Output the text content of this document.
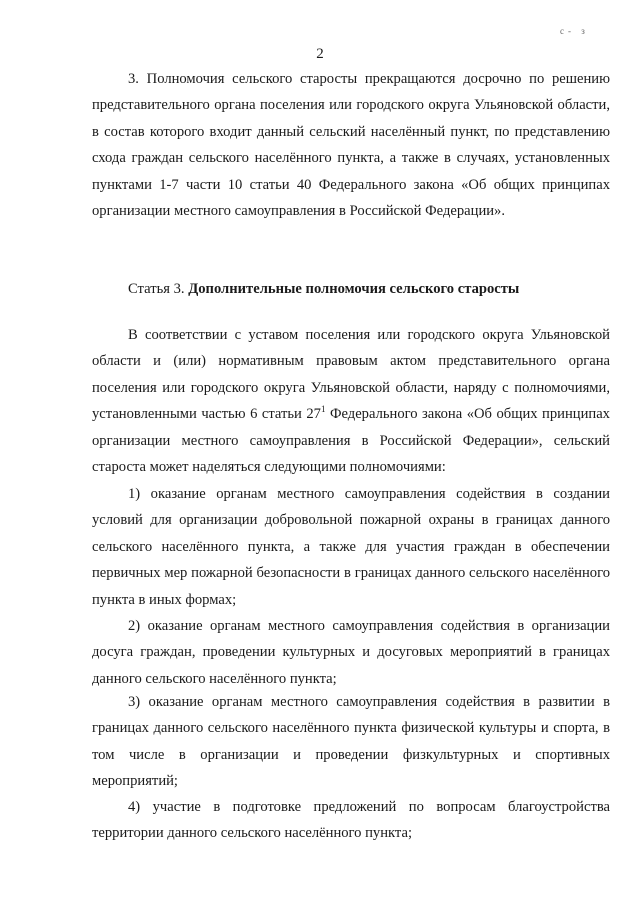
с- з
2

3. Полномочия сельского старосты прекращаются досрочно по решению представительного органа поселения или городского округа Ульяновской области, в состав которого входит данный сельский населённый пункт, по представлению схода граждан сельского населённого пункта, а также в случаях, установленных пунктами 1-7 части 10 статьи 40 Федерального закона «Об общих принципах организации местного самоуправления в Российской Федерации».

Статья 3. Дополнительные полномочия сельского старосты

В соответствии с уставом поселения или городского округа Ульяновской области и (или) нормативным правовым актом представительного органа поселения или городского округа Ульяновской области, наряду с полномочиями, установленными частью 6 статьи $27^1$ Федерального закона «Об общих принципах организации местного самоуправления в Российской Федерации», сельский староста может наделяться следующими полномочиями:

1) оказание органам местного самоуправления содействия в создании условий для организации добровольной пожарной охраны в границах данного сельского населённого пункта, а также для участия граждан в обеспечении первичных мер пожарной безопасности в границах данного сельского населённого пункта в иных формах;

2) оказание органам местного самоуправления содействия в организации досуга граждан, проведении культурных и досуговых мероприятий в границах данного сельского населённого пункта;

3) оказание органам местного самоуправления содействия в развитии в границах данного сельского населённого пункта физической культуры и спорта, в том числе в организации и проведении физкультурных и спортивных мероприятий;

4) участие в подготовке предложений по вопросам благоустройства территории данного сельского населённого пункта;
